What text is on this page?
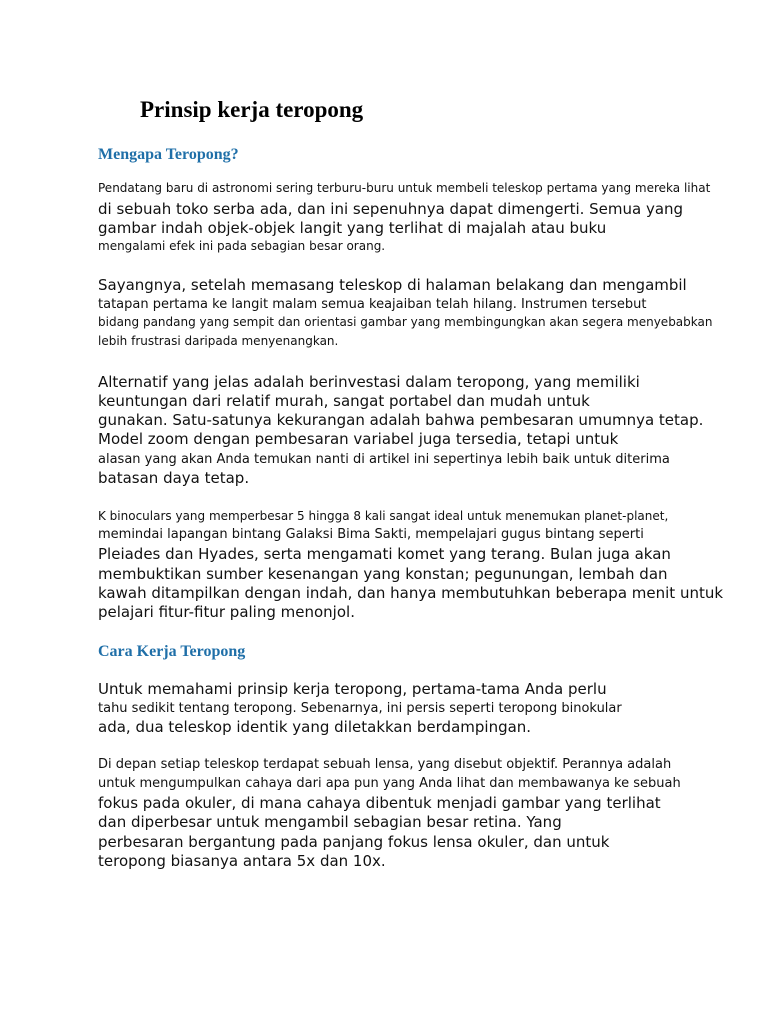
Prinsip kerja teropong
Mengapa Teropong?
Pendatang baru di astronomi sering terburu-buru untuk membeli teleskop pertama yang mereka lihat
di sebuah toko serba ada, dan ini sepenuhnya dapat dimengerti. Semua yang
gambar indah objek-objek langit yang terlihat di majalah atau buku
mengalami efek ini pada sebagian besar orang.
Sayangnya, setelah memasang teleskop di halaman belakang dan mengambil
tatapan pertama ke langit malam semua keajaiban telah hilang. Instrumen tersebut
bidang pandang yang sempit dan orientasi gambar yang membingungkan akan segera menyebabkan
lebih frustrasi daripada menyenangkan.
Alternatif yang jelas adalah berinvestasi dalam teropong, yang memiliki
keuntungan dari relatif murah, sangat portabel dan mudah untuk
gunakan. Satu-satunya kekurangan adalah bahwa pembesaran umumnya tetap.
Model zoom dengan pembesaran variabel juga tersedia, tetapi untuk
alasan yang akan Anda temukan nanti di artikel ini sepertinya lebih baik untuk diterima
batasan daya tetap.
K binoculars yang memperbesar 5 hingga 8 kali sangat ideal untuk menemukan planet-planet,
memindai lapangan bintang Galaksi Bima Sakti, mempelajari gugus bintang seperti
Pleiades dan Hyades, serta mengamati komet yang terang. Bulan juga akan
membuktikan sumber kesenangan yang konstan; pegunungan, lembah dan
kawah ditampilkan dengan indah, dan hanya membutuhkan beberapa menit untuk
pelajari fitur-fitur paling menonjol.
Cara Kerja Teropong
Untuk memahami prinsip kerja teropong, pertama-tama Anda perlu
tahu sedikit tentang teropong. Sebenarnya, ini persis seperti teropong binokular
ada, dua teleskop identik yang diletakkan berdampingan.
Di depan setiap teleskop terdapat sebuah lensa, yang disebut objektif. Perannya adalah
untuk mengumpulkan cahaya dari apa pun yang Anda lihat dan membawanya ke sebuah
fokus pada okuler, di mana cahaya dibentuk menjadi gambar yang terlihat
dan diperbesar untuk mengambil sebagian besar retina. Yang
perbesaran bergantung pada panjang fokus lensa okuler, dan untuk
teropong biasanya antara 5x dan 10x.
